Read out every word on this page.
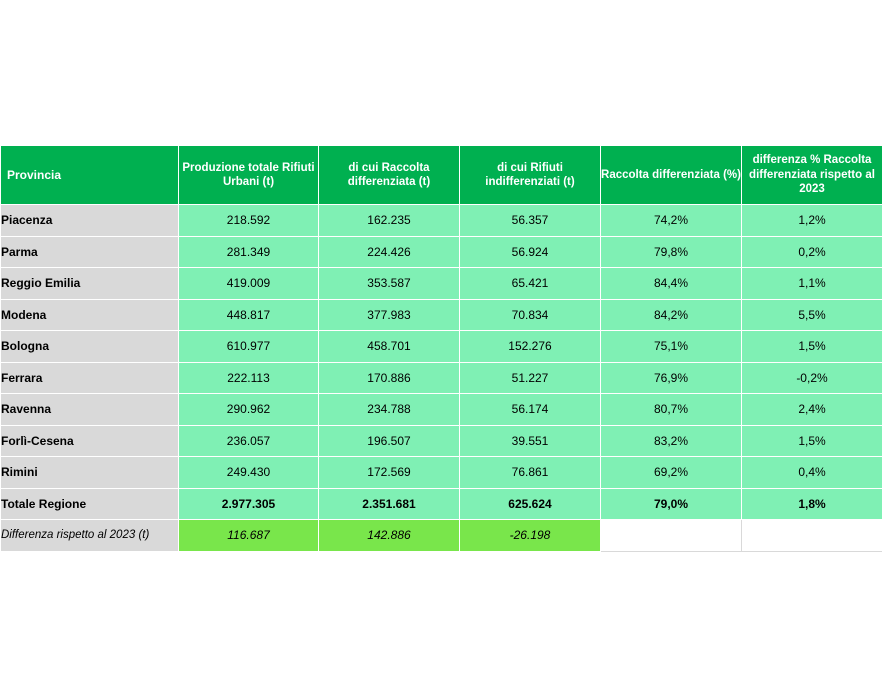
Provincia	Produzione totale Rifiuti Urbani (t)	di cui Raccolta differenziata (t)	di cui Rifiuti indifferenziati (t)	Raccolta differenziata (%)	differenza % Raccolta differenziata rispetto al 2023
Piacenza	218.592	162.235	56.357	74,2%	1,2%
Parma	281.349	224.426	56.924	79,8%	0,2%
Reggio Emilia	419.009	353.587	65.421	84,4%	1,1%
Modena	448.817	377.983	70.834	84,2%	5,5%
Bologna	610.977	458.701	152.276	75,1%	1,5%
Ferrara	222.113	170.886	51.227	76,9%	-0,2%
Ravenna	290.962	234.788	56.174	80,7%	2,4%
Forlì-Cesena	236.057	196.507	39.551	83,2%	1,5%
Rimini	249.430	172.569	76.861	69,2%	0,4%
Totale Regione	2.977.305	2.351.681	625.624	79,0%	1,8%
Differenza rispetto al 2023 (t)	116.687	142.886	-26.198		
